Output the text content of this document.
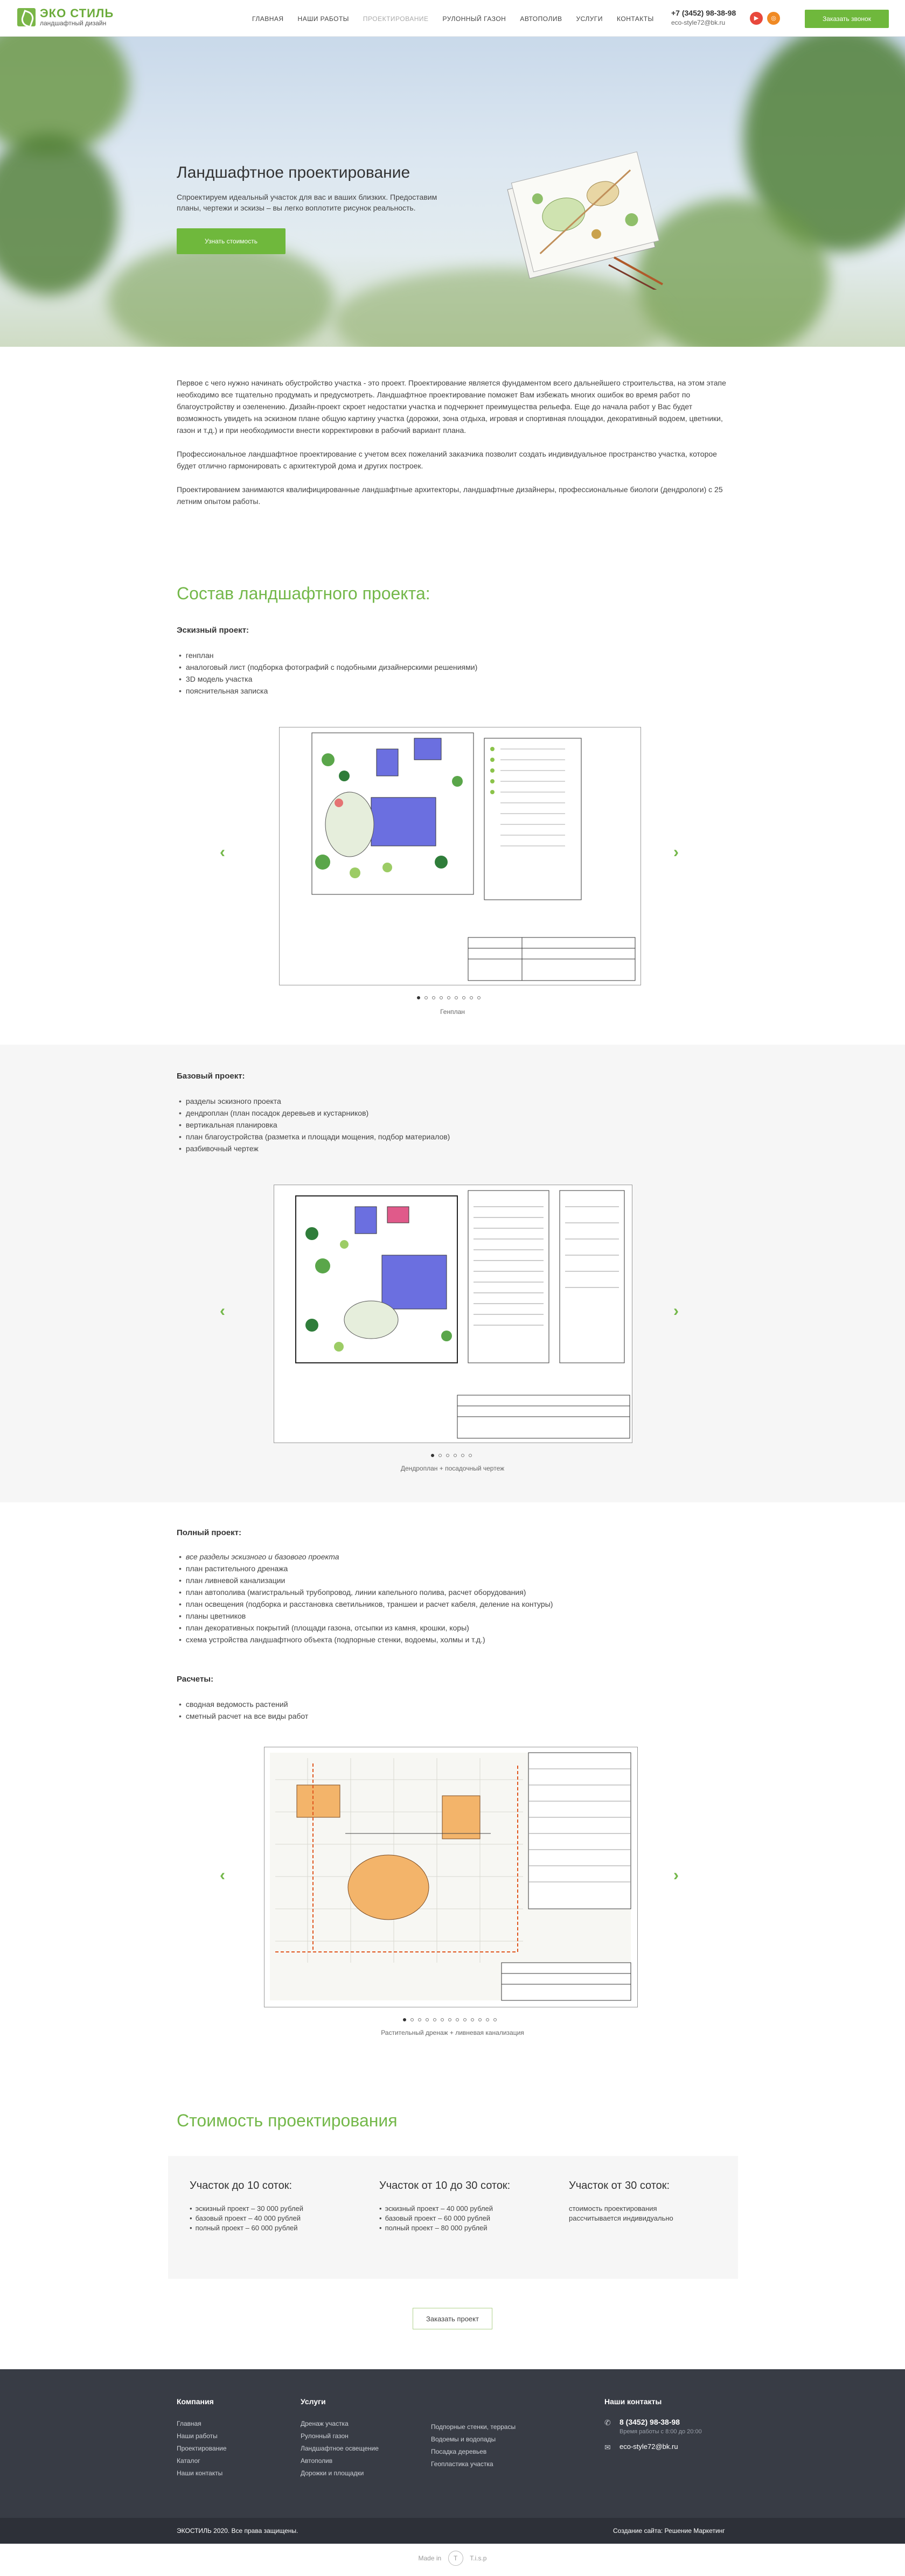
ЭКО СТИЛЬ
ландшафтный дизайн
ГЛАВНАЯ НАШИ РАБОТЫ ПРОЕКТИРОВАНИЕ РУЛОННЫЙ ГАЗОН АВТОПОЛИВ УСЛУГИ КОНТАКТЫ
+7 (3452) 98-38-98
eco-style72@bk.ru
▶	◎	Заказать звонок
Ландшафтное проектирование
Спроектируем идеальный участок для вас и ваших близких. Предоставим планы, чертежи и эскизы – вы легко воплотите рисунок реальность.
Узнать стоимость

Первое с чего нужно начинать обустройство участка - это проект. Проектирование является фундаментом всего дальнейшего строительства, на этом этапе необходимо все тщательно продумать и предусмотреть. Ландшафтное проектирование поможет Вам избежать многих ошибок во время работ по благоустройству и озеленению. Дизайн-проект скроет недостатки участка и подчеркнет преимущества рельефа. Еще до начала работ у Вас будет возможность увидеть на эскизном плане общую картину участка (дорожки, зона отдыха, игровая и спортивная площадки, декоративный водоем, цветники, газон и т.д.) и при необходимости внести корректировки в рабочий вариант плана.

Профессиональное ландшафтное проектирование с учетом всех пожеланий заказчика позволит создать индивидуальное пространство участка, которое будет отлично гармонировать с архитектурой дома и других построек.

Проектированием занимаются квалифицированные ландшафтные архитекторы, ландшафтные дизайнеры, профессиональные биологи (дендрологи) с 25 летним опытом работы.

Состав ландшафтного проекта:
Эскизный проект:
• генплан
• аналоговый лист (подборка фотографий с подобными дизайнерскими решениями)
• 3D модель участка
• пояснительная записка
‹	›
Генплан
Базовый проект:
• разделы эскизного проекта
• дендроплан (план посадок деревьев и кустарников)
• вертикальная планировка
• план благоустройства (разметка и площади мощения, подбор материалов)
• разбивочный чертеж
‹	›
Дендроплан + посадочный чертеж
Полный проект:
• все разделы эскизного и базового проекта
• план растительного дренажа
• план ливневой канализации
• план автополива (магистральный трубопровод, линии капельного полива, расчет оборудования)
• план освещения (подборка и расстановка светильников, траншеи и расчет кабеля, деление на контуры)
• планы цветников
• план декоративных покрытий (площади газона, отсыпки из камня, крошки, коры)
• схема устройства ландшафтного объекта (подпорные стенки, водоемы, холмы и т.д.)
Расчеты:
• сводная ведомость растений
• сметный расчет на все виды работ
‹	›
Растительный дренаж + ливневая канализация
Стоимость проектирования
Участок до 10 соток:
• эскизный проект – 30 000 рублей
• базовый проект – 40 000 рублей
• полный проект – 60 000 рублей
Участок от 10 до 30 соток:
• эскизный проект – 40 000 рублей
• базовый проект – 60 000 рублей
• полный проект – 80 000 рублей
Участок от 30 соток:
стоимость проектирования
рассчитывается индивидуально
Заказать проект
Компания
Главная
Наши работы
Проектирование
Каталог
Наши контакты
Услуги
Дренаж участка
Рулонный газон
Ландшафтное освещение
Автополив
Дорожки и площадки
Подпорные стенки, террасы
Водоемы и водопады
Посадка деревьев
Геопластика участка
Наши контакты
✆	8 (3452) 98-38-98
Время работы с 8:00 до 20:00
✉	eco-style72@bk.ru
ЭКОСТИЛЬ 2020. Все права защищены.	Создание сайта: Решение Маркетинг
Made in T T.i.s.p
